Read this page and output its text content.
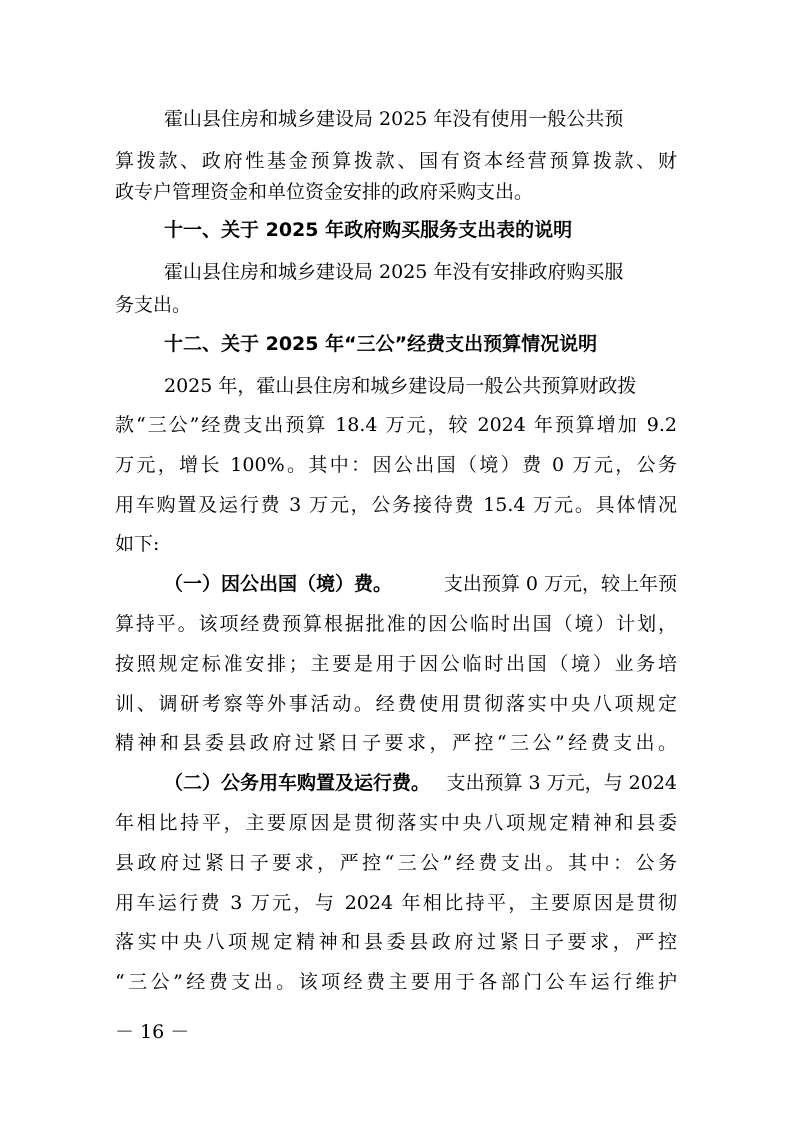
霍山县住房和城乡建设局 2025 年没有使用一般公共预
算拨款、政府性基金预算拨款、国有资本经营预算拨款、财
政专户管理资金和单位资金安排的政府采购支出。
十一、关于 2025 年政府购买服务支出表的说明
霍山县住房和城乡建设局 2025 年没有安排政府购买服
务支出。
十二、关于 2025 年“三公”经费支出预算情况说明
2025 年，霍山县住房和城乡建设局一般公共预算财政拨
款“三公”经费支出预算 18.4 万元，较 2024 年预算增加 9.2
万元，增长 100%。其中：因公出国（境）费 0 万元，公务
用车购置及运行费 3 万元，公务接待费 15.4 万元。具体情况
如下:
（一）因公出国（境）费。	支出预算 0 万元，较上年预
算持平。该项经费预算根据批准的因公临时出国（境）计划，
按照规定标准安排；主要是用于因公临时出国（境）业务培
训、调研考察等外事活动。经费使用贯彻落实中央八项规定
精神和县委县政府过紧日子要求，严控“三公”经费支出。
（二）公务用车购置及运行费。 支出预算 3 万元，与 2024
年相比持平，主要原因是贯彻落实中央八项规定精神和县委
县政府过紧日子要求，严控“三公”经费支出。其中：公务
用车运行费 3 万元，与 2024 年相比持平，主要原因是贯彻
落实中央八项规定精神和县委县政府过紧日子要求，严控
“三公”经费支出。该项经费主要用于各部门公车运行维护
－ 16 －
